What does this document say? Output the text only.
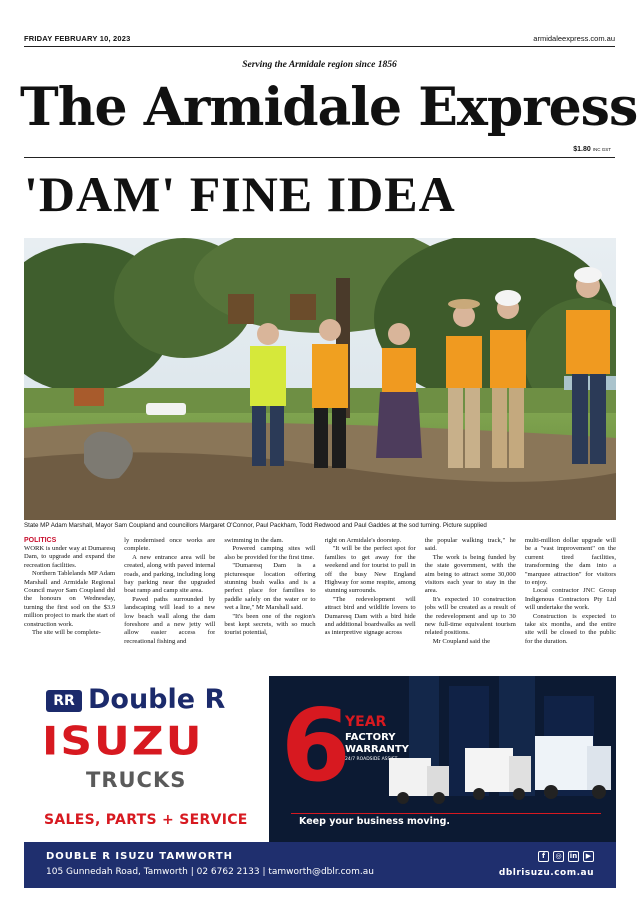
FRIDAY FEBRUARY 10, 2023	armidaleexpress.com.au
Serving the Armidale region since 1856
The Armidale Express
$1.80 INC GST
'DAM' FINE IDEA
State MP Adam Marshall, Mayor Sam Coupland and councillors Margaret O'Connor, Paul Packham, Todd Redwood and Paul Gaddes at the sod turning. Picture supplied
POLITICS

WORK is under way at Dumaresq Dam, to upgrade and expand the recreation facilities.

Northern Tablelands MP Adam Marshall and Armidale Regional Council mayor Sam Coupland did the honours on Wednesday, turning the first sod on the $3.9 million project to mark the start of construction work.

The site will be complete-

ly modernised once works are complete.

A new entrance area will be created, along with paved internal roads, and parking, including long bay parking near the upgraded boat ramp and camp site area.

Paved paths surrounded by landscaping will lead to a new low beach wall along the dam foreshore and a new jetty will allow easier access for recreational fishing and

swimming in the dam.

Powered camping sites will also be provided for the first time.

"Dumaresq Dam is a picturesque location offering stunning bush walks and is a perfect place for families to paddle safely on the water or to wet a line," Mr Marshall said.

"It's been one of the region's best kept secrets, with so much tourist potential,

right on Armidale's doorstep.

"It will be the perfect spot for families to get away for the weekend and for tourist to pull in off the busy New England Highway for some respite, among stunning surrounds.

"The redevelopment will attract bird and wildlife lovers to Dumaresq Dam with a bird hide and additional boardwalks as well as interpretive signage across

the popular walking track," he said.

The work is being funded by the state government, with the aim being to attract some 30,000 visitors each year to stay in the area.

It's expected 10 construction jobs will be created as a result of the redevelopment and up to 30 new full-time equivalent tourism related positions.

Mr Coupland said the

multi-million dollar upgrade will be a "vast improvement" on the current tired facilities, transforming the dam into a "marquee attraction" for visitors to enjoy.

Local contractor JNC Group Indigenous Contractors Pty Ltd will undertake the work.

Construction is expected to take six months, and the entire site will be closed to the public for the duration.

RR Double R
ISUZU
TRUCKS
SALES, PARTS + SERVICE
6
YEAR
FACTORY
WARRANTY
24/7 ROADSIDE ASSIST
Keep your business moving.
DOUBLE R ISUZU TAMWORTH
105 Gunnedah Road, Tamworth | 02 6762 2133 | tamworth@dblr.com.au
f	◎	in	▶
dblrisuzu.com.au
